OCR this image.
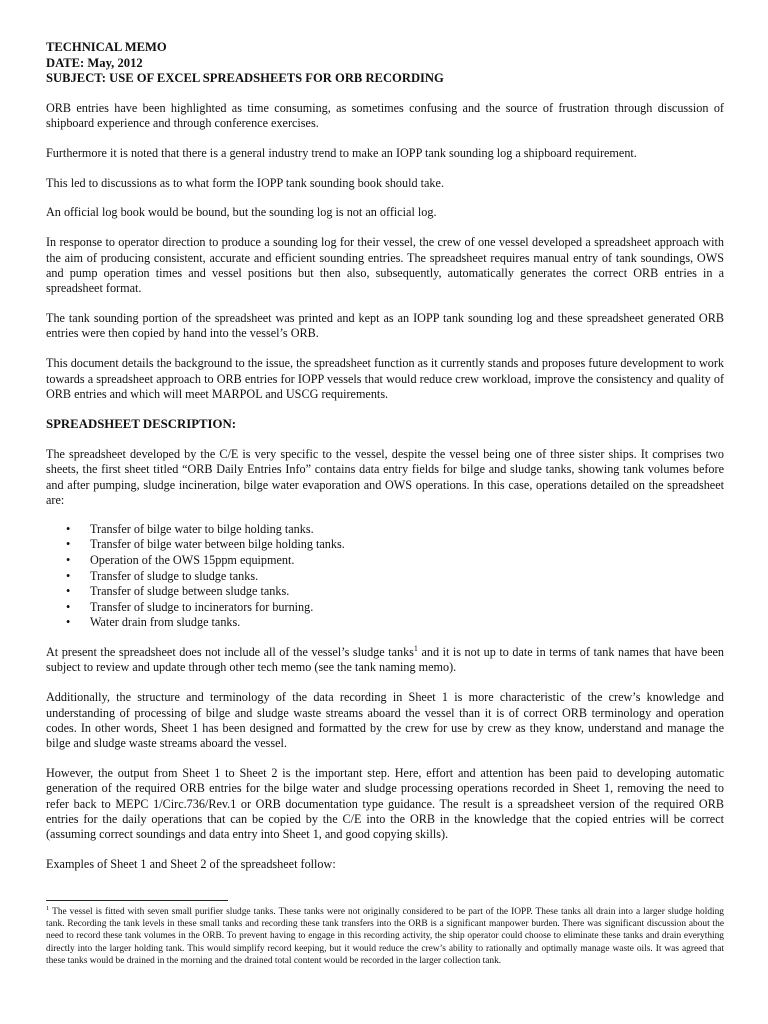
TECHNICAL MEMO
DATE: May, 2012
SUBJECT: USE OF EXCEL SPREADSHEETS FOR ORB RECORDING

ORB entries have been highlighted as time consuming, as sometimes confusing and the source of frustration through discussion of shipboard experience and through conference exercises.

Furthermore it is noted that there is a general industry trend to make an IOPP tank sounding log a shipboard requirement.

This led to discussions as to what form the IOPP tank sounding book should take.

An official log book would be bound, but the sounding log is not an official log.

In response to operator direction to produce a sounding log for their vessel, the crew of one vessel developed a spreadsheet approach with the aim of producing consistent, accurate and efficient sounding entries. The spreadsheet requires manual entry of tank soundings, OWS and pump operation times and vessel positions but then also, subsequently, automatically generates the correct ORB entries in a spreadsheet format.

The tank sounding portion of the spreadsheet was printed and kept as an IOPP tank sounding log and these spreadsheet generated ORB entries were then copied by hand into the vessel’s ORB.

This document details the background to the issue, the spreadsheet function as it currently stands and proposes future development to work towards a spreadsheet approach to ORB entries for IOPP vessels that would reduce crew workload, improve the consistency and quality of ORB entries and which will meet MARPOL and USCG requirements.

SPREADSHEET DESCRIPTION:

The spreadsheet developed by the C/E is very specific to the vessel, despite the vessel being one of three sister ships. It comprises two sheets, the first sheet titled “ORB Daily Entries Info” contains data entry fields for bilge and sludge tanks, showing tank volumes before and after pumping, sludge incineration, bilge water evaporation and OWS operations. In this case, operations detailed on the spreadsheet are:

• Transfer of bilge water to bilge holding tanks.
• Transfer of bilge water between bilge holding tanks.
• Operation of the OWS 15ppm equipment.
• Transfer of sludge to sludge tanks.
• Transfer of sludge between sludge tanks.
• Transfer of sludge to incinerators for burning.
• Water drain from sludge tanks.

At present the spreadsheet does not include all of the vessel’s sludge tanks$^1$ and it is not up to date in terms of tank names that have been subject to review and update through other tech memo (see the tank naming memo).

Additionally, the structure and terminology of the data recording in Sheet 1 is more characteristic of the crew’s knowledge and understanding of processing of bilge and sludge waste streams aboard the vessel than it is of correct ORB terminology and operation codes. In other words, Sheet 1 has been designed and formatted by the crew for use by crew as they know, understand and manage the bilge and sludge waste streams aboard the vessel.

However, the output from Sheet 1 to Sheet 2 is the important step. Here, effort and attention has been paid to developing automatic generation of the required ORB entries for the bilge water and sludge processing operations recorded in Sheet 1, removing the need to refer back to MEPC 1/Circ.736/Rev.1 or ORB documentation type guidance. The result is a spreadsheet version of the required ORB entries for the daily operations that can be copied by the C/E into the ORB in the knowledge that the copied entries will be correct (assuming correct soundings and data entry into Sheet 1, and good copying skills).

Examples of Sheet 1 and Sheet 2 of the spreadsheet follow:

$^1$ The vessel is fitted with seven small purifier sludge tanks. These tanks were not originally considered to be part of the IOPP. These tanks all drain into a larger sludge holding tank. Recording the tank levels in these small tanks and recording these tank transfers into the ORB is a significant manpower burden. There was significant discussion about the need to record these tank volumes in the ORB. To prevent having to engage in this recording activity, the ship operator could choose to eliminate these tanks and drain everything directly into the larger holding tank. This would simplify record keeping, but it would reduce the crew’s ability to rationally and optimally manage waste oils. It was agreed that these tanks would be drained in the morning and the drained total content would be recorded in the larger collection tank.
